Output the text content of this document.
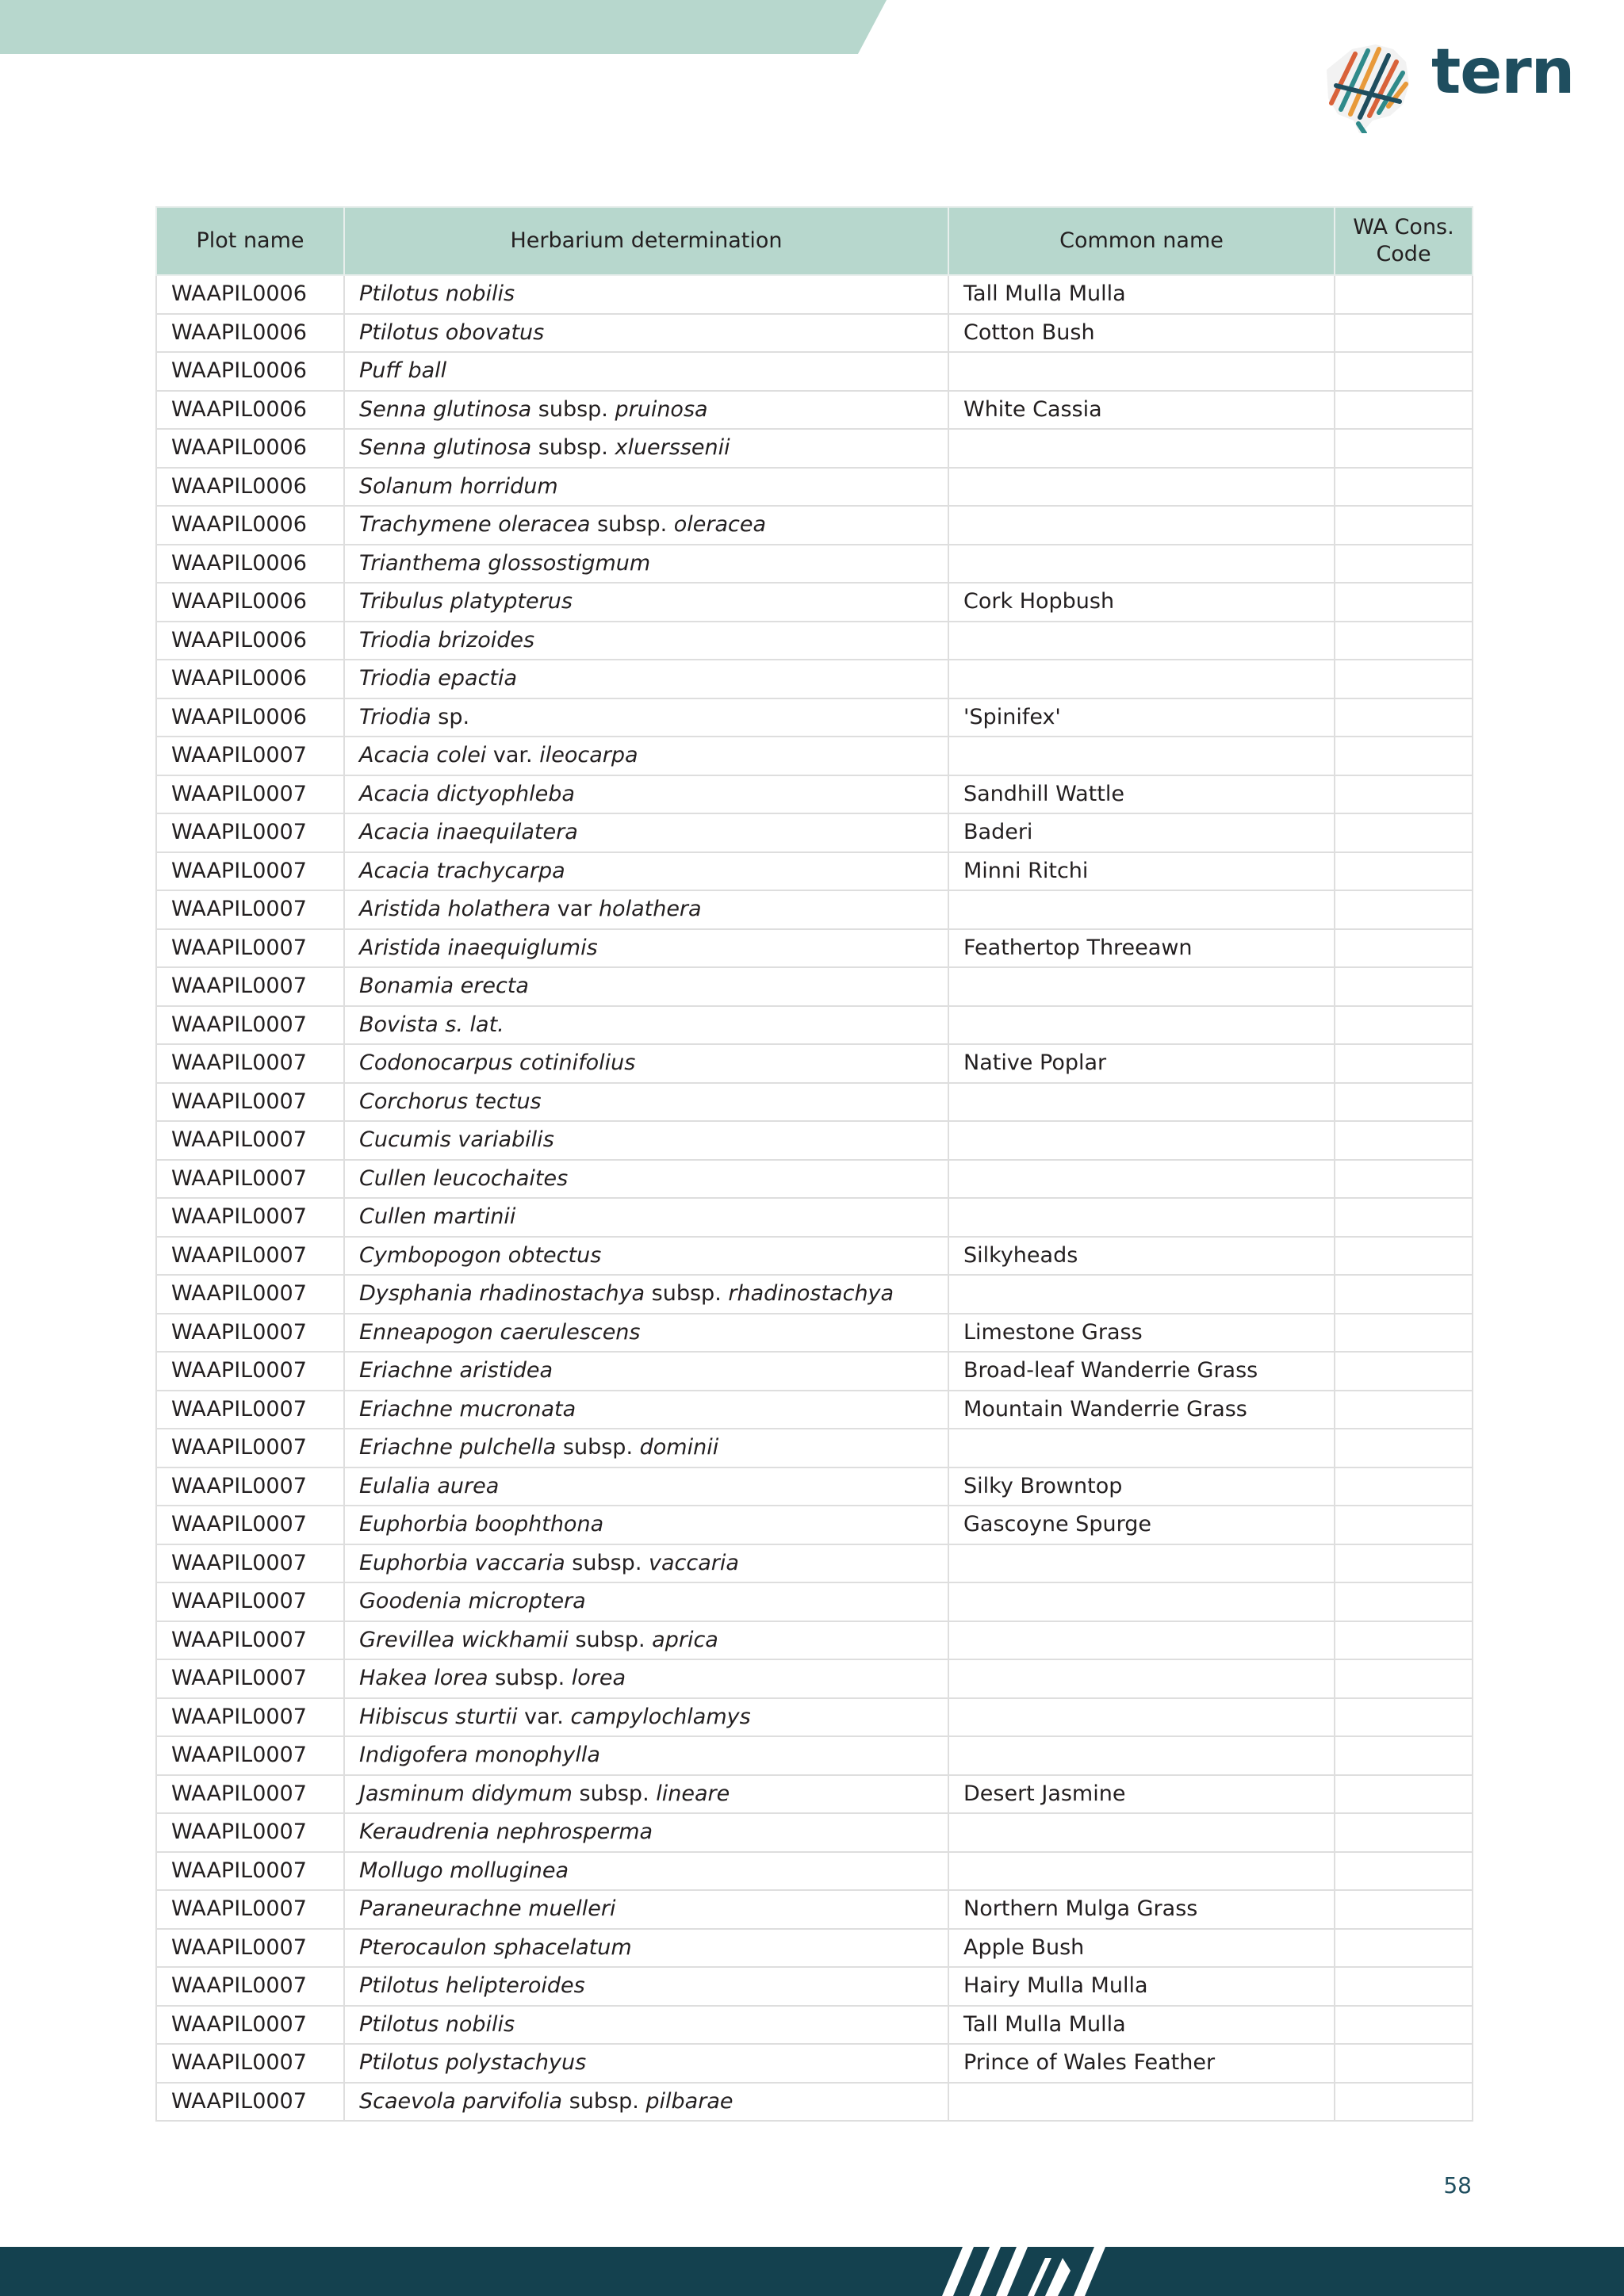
tern
Plot name	Herbarium determination	Common name	WA Cons. Code
WAAPIL0006	Ptilotus nobilis	Tall Mulla Mulla	
WAAPIL0006	Ptilotus obovatus	Cotton Bush	
WAAPIL0006	Puff ball		
WAAPIL0006	Senna glutinosa subsp. pruinosa	White Cassia	
WAAPIL0006	Senna glutinosa subsp. xluerssenii		
WAAPIL0006	Solanum horridum		
WAAPIL0006	Trachymene oleracea subsp. oleracea		
WAAPIL0006	Trianthema glossostigmum		
WAAPIL0006	Tribulus platypterus	Cork Hopbush	
WAAPIL0006	Triodia brizoides		
WAAPIL0006	Triodia epactia		
WAAPIL0006	Triodia sp.	'Spinifex'	
WAAPIL0007	Acacia colei var. ileocarpa		
WAAPIL0007	Acacia dictyophleba	Sandhill Wattle	
WAAPIL0007	Acacia inaequilatera	Baderi	
WAAPIL0007	Acacia trachycarpa	Minni Ritchi	
WAAPIL0007	Aristida holathera var holathera		
WAAPIL0007	Aristida inaequiglumis	Feathertop Threeawn	
WAAPIL0007	Bonamia erecta		
WAAPIL0007	Bovista s. lat.		
WAAPIL0007	Codonocarpus cotinifolius	Native Poplar	
WAAPIL0007	Corchorus tectus		
WAAPIL0007	Cucumis variabilis		
WAAPIL0007	Cullen leucochaites		
WAAPIL0007	Cullen martinii		
WAAPIL0007	Cymbopogon obtectus	Silkyheads	
WAAPIL0007	Dysphania rhadinostachya subsp. rhadinostachya		
WAAPIL0007	Enneapogon caerulescens	Limestone Grass	
WAAPIL0007	Eriachne aristidea	Broad-leaf Wanderrie Grass	
WAAPIL0007	Eriachne mucronata	Mountain Wanderrie Grass	
WAAPIL0007	Eriachne pulchella subsp. dominii		
WAAPIL0007	Eulalia aurea	Silky Browntop	
WAAPIL0007	Euphorbia boophthona	Gascoyne Spurge	
WAAPIL0007	Euphorbia vaccaria subsp. vaccaria		
WAAPIL0007	Goodenia microptera		
WAAPIL0007	Grevillea wickhamii subsp. aprica		
WAAPIL0007	Hakea lorea subsp. lorea		
WAAPIL0007	Hibiscus sturtii var. campylochlamys		
WAAPIL0007	Indigofera monophylla		
WAAPIL0007	Jasminum didymum subsp. lineare	Desert Jasmine	
WAAPIL0007	Keraudrenia nephrosperma		
WAAPIL0007	Mollugo molluginea		
WAAPIL0007	Paraneurachne muelleri	Northern Mulga Grass	
WAAPIL0007	Pterocaulon sphacelatum	Apple Bush	
WAAPIL0007	Ptilotus helipteroides	Hairy Mulla Mulla	
WAAPIL0007	Ptilotus nobilis	Tall Mulla Mulla	
WAAPIL0007	Ptilotus polystachyus	Prince of Wales Feather	
WAAPIL0007	Scaevola parvifolia subsp. pilbarae		
58
